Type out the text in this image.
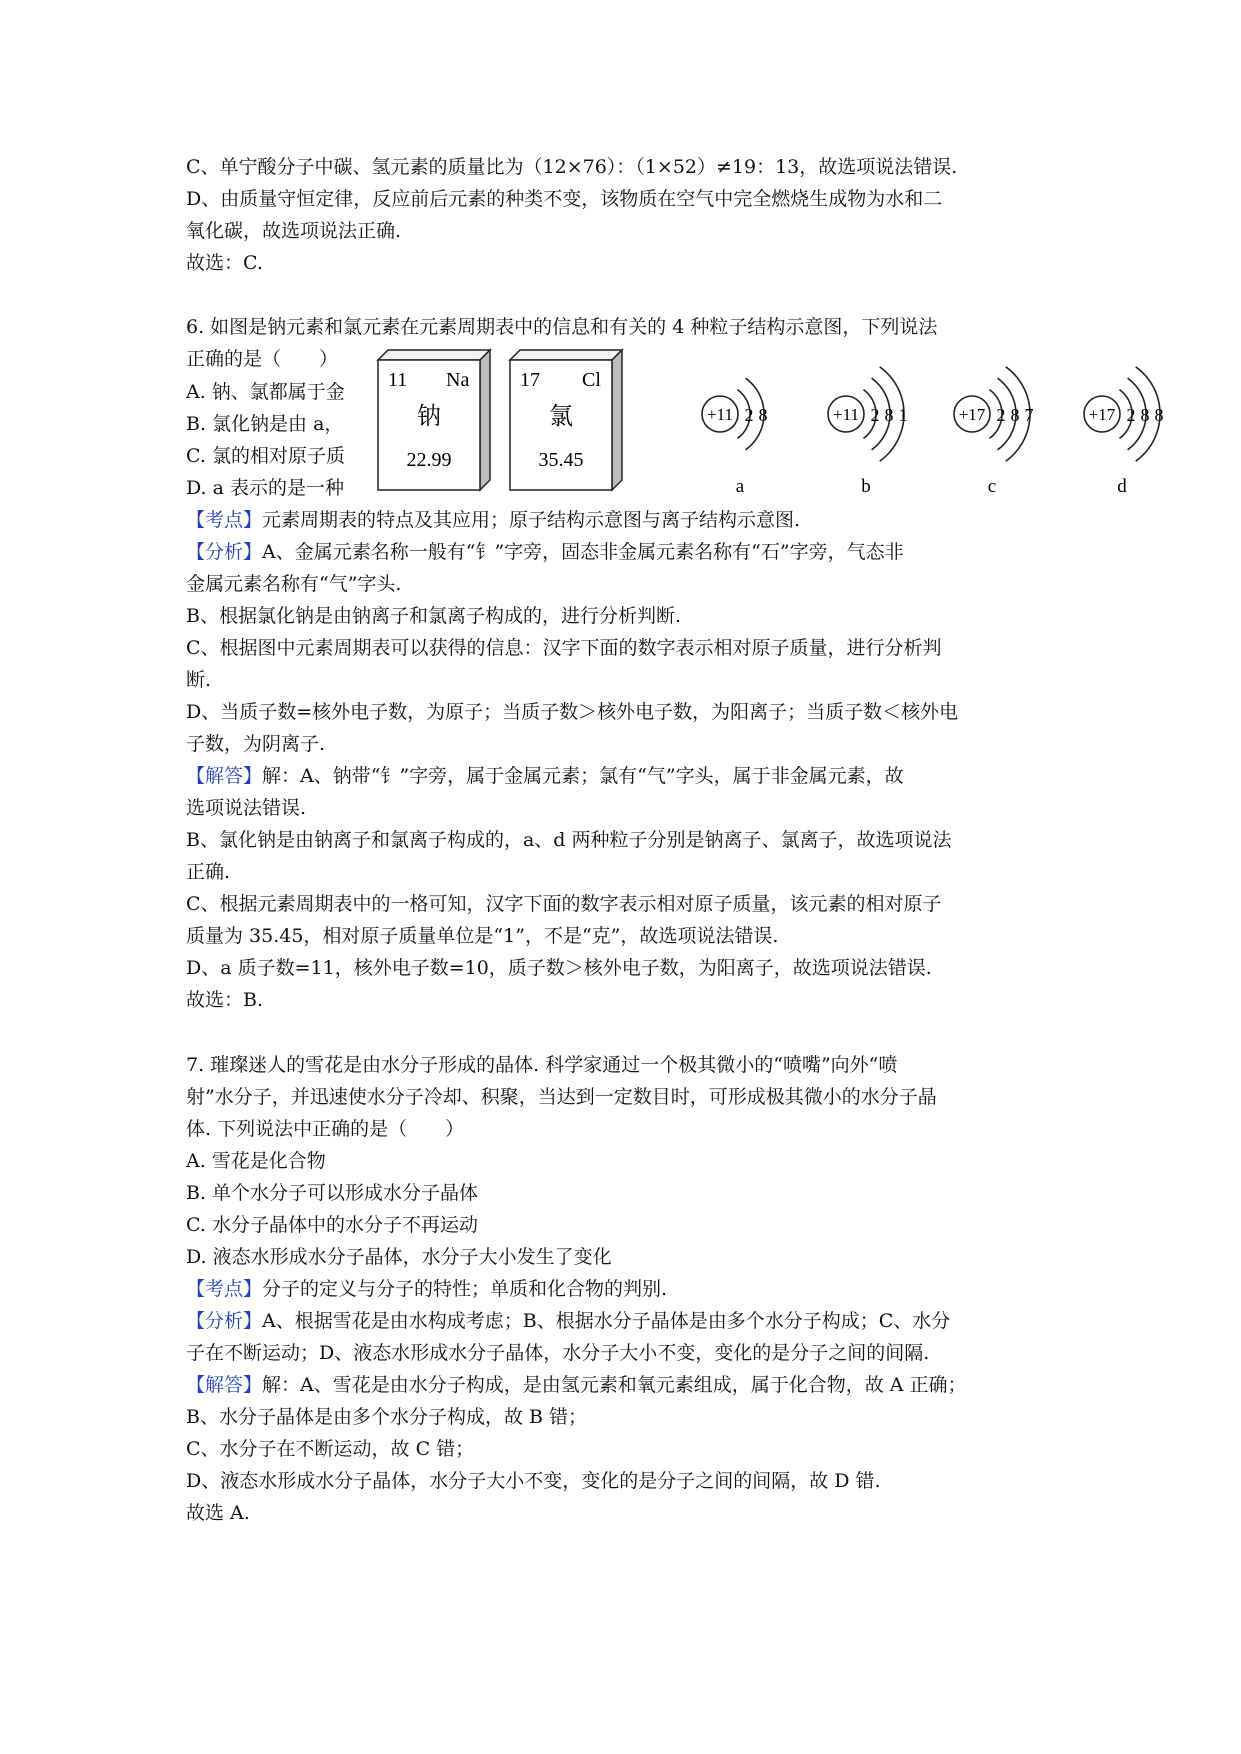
C、单宁酸分子中碳、氢元素的质量比为（12×76）：（1×52）≠19：13，故选项说法错误.
D、由质量守恒定律，反应前后元素的种类不变，该物质在空气中完全燃烧生成物为水和二
氧化碳，故选项说法正确.
故选：C.
6. 如图是钠元素和氯元素在元素周期表中的信息和有关的 4 种粒子结构示意图，下列说法
正确的是（　　）
A. 钠、氯都属于金
B. 氯化钠是由 a，
C. 氯的相对原子质
D. a 表示的是一种
11 Na
钠
22.99
17 Cl
氯
35.45
+11 2 8
a
+11 2 8 1
b
+17 2 8 7
c
+17 2 8 8
d
【考点】元素周期表的特点及其应用；原子结构示意图与离子结构示意图.
【分析】A、金属元素名称一般有“钅”字旁，固态非金属元素名称有“石”字旁，气态非
金属元素名称有“气”字头.
B、根据氯化钠是由钠离子和氯离子构成的，进行分析判断.
C、根据图中元素周期表可以获得的信息：汉字下面的数字表示相对原子质量，进行分析判
断.
D、当质子数=核外电子数，为原子；当质子数＞核外电子数，为阳离子；当质子数＜核外电
子数，为阴离子.
【解答】解：A、钠带“钅”字旁，属于金属元素；氯有“气”字头，属于非金属元素，故
选项说法错误.
B、氯化钠是由钠离子和氯离子构成的，a、d 两种粒子分别是钠离子、氯离子，故选项说法
正确.
C、根据元素周期表中的一格可知，汉字下面的数字表示相对原子质量，该元素的相对原子
质量为 35.45，相对原子质量单位是“1”，不是“克”，故选项说法错误.
D、a 质子数=11，核外电子数=10，质子数＞核外电子数，为阳离子，故选项说法错误.
故选：B.
7. 璀璨迷人的雪花是由水分子形成的晶体. 科学家通过一个极其微小的“喷嘴”向外“喷
射”水分子，并迅速使水分子冷却、积聚，当达到一定数目时，可形成极其微小的水分子晶
体. 下列说法中正确的是（　　）
A. 雪花是化合物
B. 单个水分子可以形成水分子晶体
C. 水分子晶体中的水分子不再运动
D. 液态水形成水分子晶体，水分子大小发生了变化
【考点】分子的定义与分子的特性；单质和化合物的判别.
【分析】A、根据雪花是由水构成考虑；B、根据水分子晶体是由多个水分子构成；C、水分
子在不断运动；D、液态水形成水分子晶体，水分子大小不变，变化的是分子之间的间隔.
【解答】解：A、雪花是由水分子构成，是由氢元素和氧元素组成，属于化合物，故 A 正确；
B、水分子晶体是由多个水分子构成，故 B 错；
C、水分子在不断运动，故 C 错；
D、液态水形成水分子晶体，水分子大小不变，变化的是分子之间的间隔，故 D 错.
故选 A.
